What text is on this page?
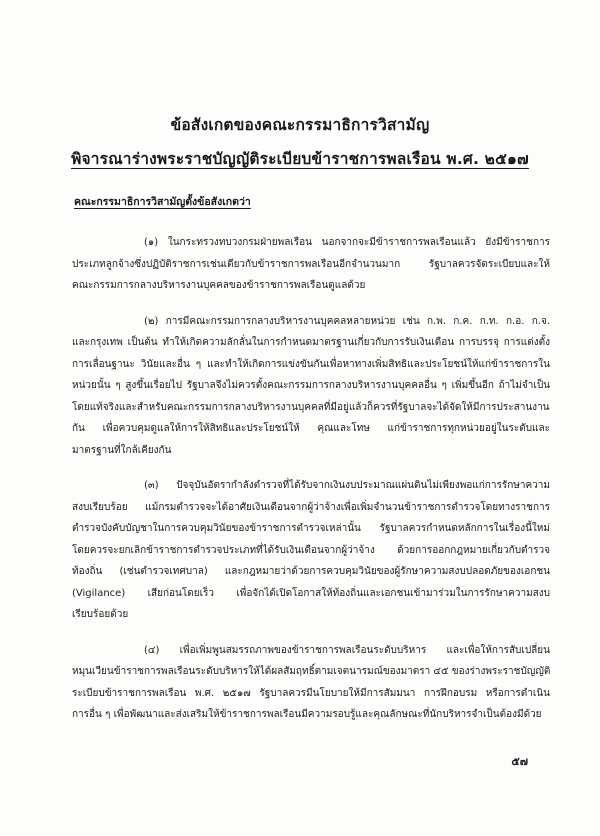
ข้อสังเกตของคณะกรรมาธิการวิสามัญ
พิจารณาร่างพระราชบัญญัติระเบียบข้าราชการพลเรือน พ.ศ. ๒๕๑๗
คณะกรรมาธิการวิสามัญตั้งข้อสังเกตว่า
(๑) ในกระทรวงทบวงกรมฝ่ายพลเรือน นอกจากจะมีข้าราชการพลเรือนแล้ว ยังมีข้าราชการ
ประเภทลูกจ้างซึ่งปฏิบัติราชการเช่นเดียวกับข้าราชการพลเรือนอีกจำนวนมาก รัฐบาลควรจัดระเบียบและให้
คณะกรรมการกลางบริหารงานบุคคลของข้าราชการพลเรือนดูแลด้วย
(๒) การมีคณะกรรมการกลางบริหารงานบุคคลหลายหน่วย เช่น ก.พ. ก.ค. ก.ท. ก.อ. ก.จ.
และกรุงเทพ เป็นต้น ทำให้เกิดความลักลั่นในการกำหนดมาตรฐานเกี่ยวกับการรับเงินเดือน การบรรจุ การแต่งตั้ง
การเลื่อนฐานะ วินัยและอื่น ๆ และทำให้เกิดการแข่งขันกันเพื่อหาทางเพิ่มสิทธิและประโยชน์ให้แก่ข้าราชการใน
หน่วยนั้น ๆ สูงขึ้นเรื่อยไป รัฐบาลจึงไม่ควรตั้งคณะกรรมการกลางบริหารงานบุคคลอื่น ๆ เพิ่มขึ้นอีก ถ้าไม่จำเป็น
โดยแท้จริงและสำหรับคณะกรรมการกลางบริหารงานบุคคลที่มีอยู่แล้วก็ควรที่รัฐบาลจะได้จัดให้มีการประสานงาน
กัน เพื่อควบคุมดูแลให้การให้สิทธิและประโยชน์ให้ คุณและโทษ แก่ข้าราชการทุกหน่วยอยู่ในระดับและ
มาตรฐานที่ใกล้เคียงกัน
(๓) ปัจจุบันอัตรากำลังตำรวจที่ได้รับจากเงินงบประมาณแผ่นดินไม่เพียงพอแก่การรักษาความ
สงบเรียบร้อย แม้กรมตำรวจจะได้อาศัยเงินเดือนจากผู้ว่าจ้างเพื่อเพิ่มจำนวนข้าราชการตำรวจโดยทางราชการ
ตำรวจบังคับบัญชาในการควบคุมวินัยของข้าราชการตำรวจเหล่านั้น รัฐบาลควรกำหนดหลักการในเรื่องนี้ใหม่
โดยควรจะยกเลิกข้าราชการตำรวจประเภทที่ได้รับเงินเดือนจากผู้ว่าจ้าง ด้วยการออกกฎหมายเกี่ยวกับตำรวจ
ท้องถิ่น (เช่นตำรวจเทศบาล) และกฎหมายว่าด้วยการควบคุมวินัยของผู้รักษาความสงบปลอดภัยของเอกชน
(Vigilance) เสียก่อนโดยเร็ว เพื่อจักได้เปิดโอกาสให้ท้องถิ่นและเอกชนเข้ามาร่วมในการรักษาความสงบ
เรียบร้อยด้วย
(๔) เพื่อเพิ่มพูนสมรรถภาพของข้าราชการพลเรือนระดับบริหาร และเพื่อให้การสับเปลี่ยน
หมุนเวียนข้าราชการพลเรือนระดับบริหารให้ได้ผลสัมฤทธิ์ตามเจตนารมณ์ของมาตรา ๔๕ ของร่างพระราชบัญญัติ
ระเบียบข้าราชการพลเรือน พ.ศ. ๒๕๑๗ รัฐบาลควรมีนโยบายให้มีการสัมมนา การฝึกอบรม หรือการดำเนิน
การอื่น ๆ เพื่อพัฒนาและส่งเสริมให้ข้าราชการพลเรือนมีความรอบรู้และคุณลักษณะที่นักบริหารจำเป็นต้องมีด้วย
๕๗
